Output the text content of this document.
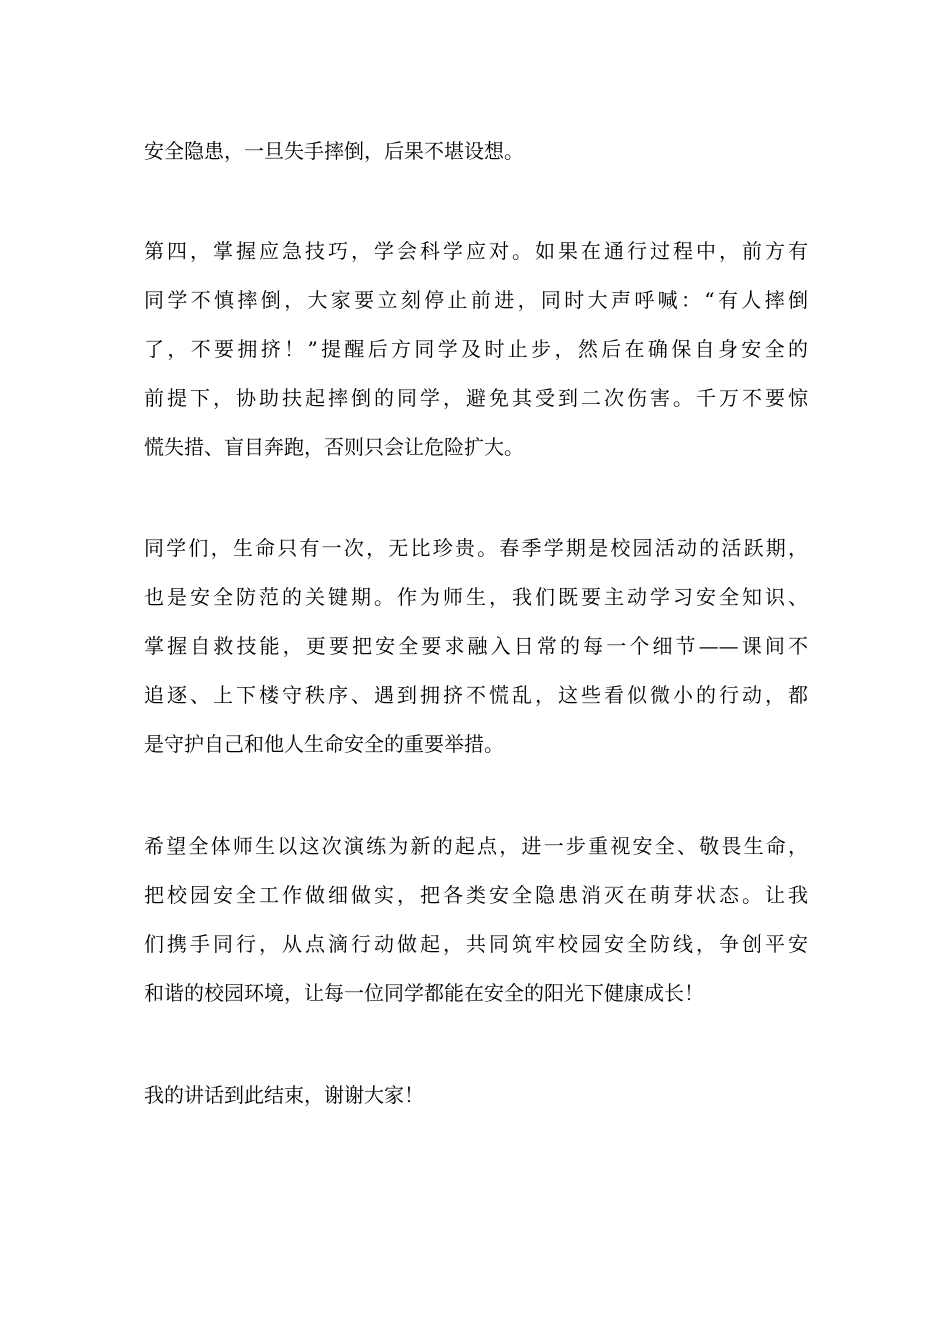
安全隐患，一旦失手摔倒，后果不堪设想。

第四，掌握应急技巧，学会科学应对。如果在通行过程中，前方有
同学不慎摔倒，大家要立刻停止前进，同时大声呼喊：“有人摔倒
了，不要拥挤！”提醒后方同学及时止步，然后在确保自身安全的
前提下，协助扶起摔倒的同学，避免其受到二次伤害。千万不要惊
慌失措、盲目奔跑，否则只会让危险扩大。

同学们，生命只有一次，无比珍贵。春季学期是校园活动的活跃期，
也是安全防范的关键期。作为师生，我们既要主动学习安全知识、
掌握自救技能，更要把安全要求融入日常的每一个细节——课间不
追逐、上下楼守秩序、遇到拥挤不慌乱，这些看似微小的行动，都
是守护自己和他人生命安全的重要举措。

希望全体师生以这次演练为新的起点，进一步重视安全、敬畏生命，
把校园安全工作做细做实，把各类安全隐患消灭在萌芽状态。让我
们携手同行，从点滴行动做起，共同筑牢校园安全防线，争创平安
和谐的校园环境，让每一位同学都能在安全的阳光下健康成长！

我的讲话到此结束，谢谢大家！
